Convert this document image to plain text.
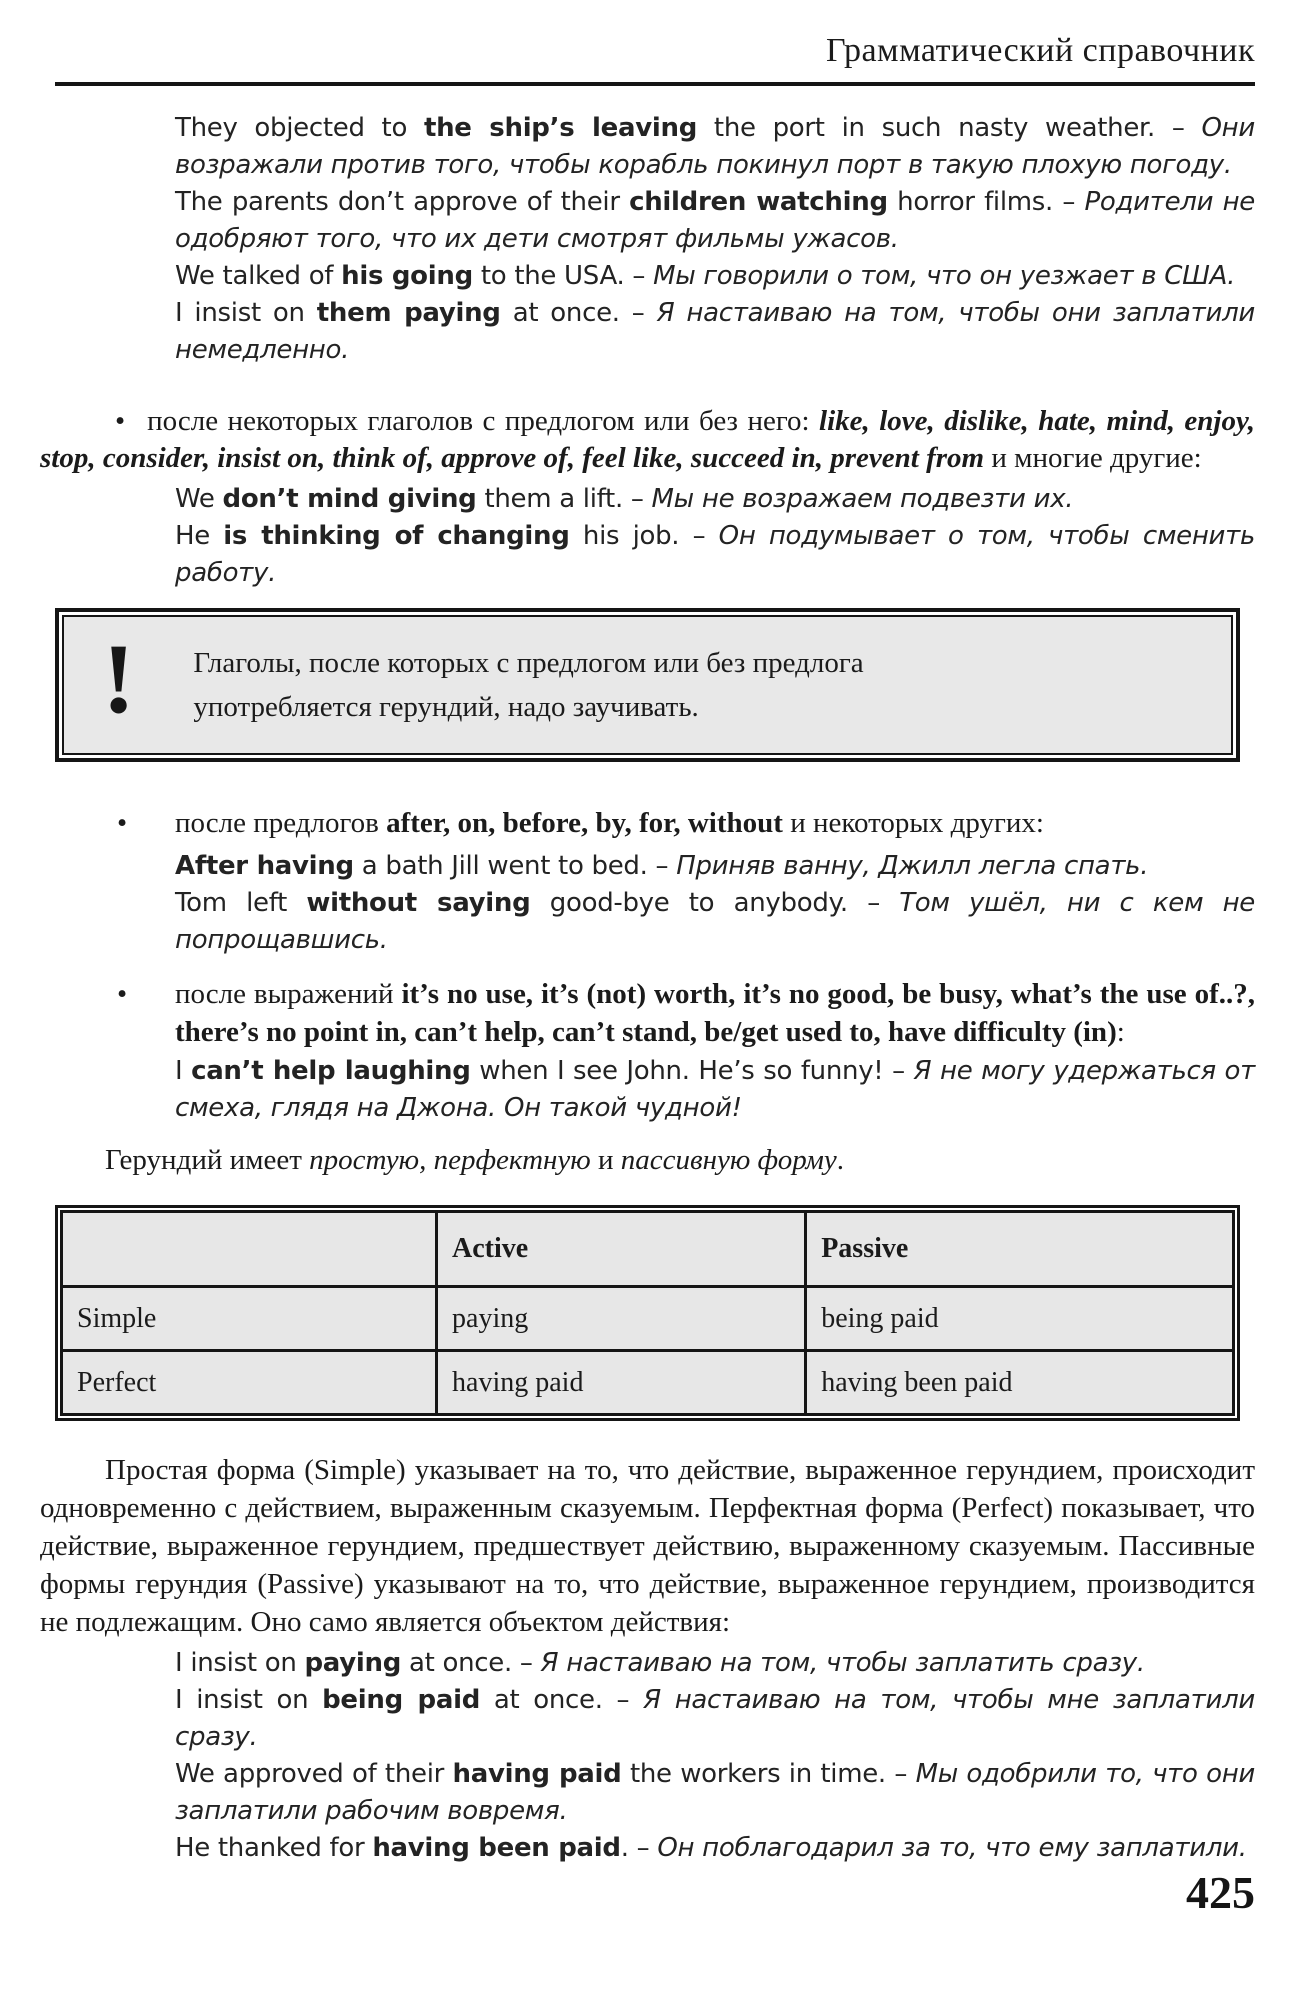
Грамматический справочник

They objected to the ship’s leaving the port in such nasty weather. – Они возражали против того, чтобы корабль покинул порт в такую плохую погоду.

The parents don’t approve of their children watching horror films. – Родители не одобряют того, что их дети смотрят фильмы ужасов.

We talked of his going to the USA. – Мы говорили о том, что он уезжает в США.

I insist on them paying at once. – Я настаиваю на том, чтобы они заплатили немедленно.

• после некоторых глаголов с предлогом или без него: like, love, dislike, hate, mind, enjoy, stop, consider, insist on, think of, approve of, feel like, succeed in, prevent from и многие другие:

We don’t mind giving them a lift. – Мы не возражаем подвезти их.

He is thinking of changing his job. – Он подумывает о том, чтобы сменить работу.

! Глаголы, после которых с предлогом или без предлога употребляется герундий, надо заучивать.

• после предлогов after, on, before, by, for, without и некоторых других:

After having a bath Jill went to bed. – Приняв ванну, Джилл легла спать.

Tom left without saying good-bye to anybody. – Том ушёл, ни с кем не попрощавшись.

• после выражений it’s no use, it’s (not) worth, it’s no good, be busy, what’s the use of..?, there’s no point in, can’t help, can’t stand, be/get used to, have difficulty (in):

I can’t help laughing when I see John. He’s so funny! – Я не могу удержаться от смеха, глядя на Джона. Он такой чудной!

Герундий имеет простую, перфектную и пассивную форму.

	Active	Passive
Simple	paying	being paid
Perfect	having paid	having been paid

Простая форма (Simple) указывает на то, что действие, выраженное герундием, происходит одновременно с действием, выраженным сказуемым. Перфектная форма (Perfect) показывает, что действие, выраженное герундием, предшествует действию, выраженному сказуемым. Пассивные формы герундия (Passive) указывают на то, что действие, выраженное герундием, производится не подлежащим. Оно само является объектом действия:

I insist on paying at once. – Я настаиваю на том, чтобы заплатить сразу.

I insist on being paid at once. – Я настаиваю на том, чтобы мне заплатили сразу.

We approved of their having paid the workers in time. – Мы одобрили то, что они заплатили рабочим вовремя.

He thanked for having been paid. – Он поблагодарил за то, что ему заплатили.

425
